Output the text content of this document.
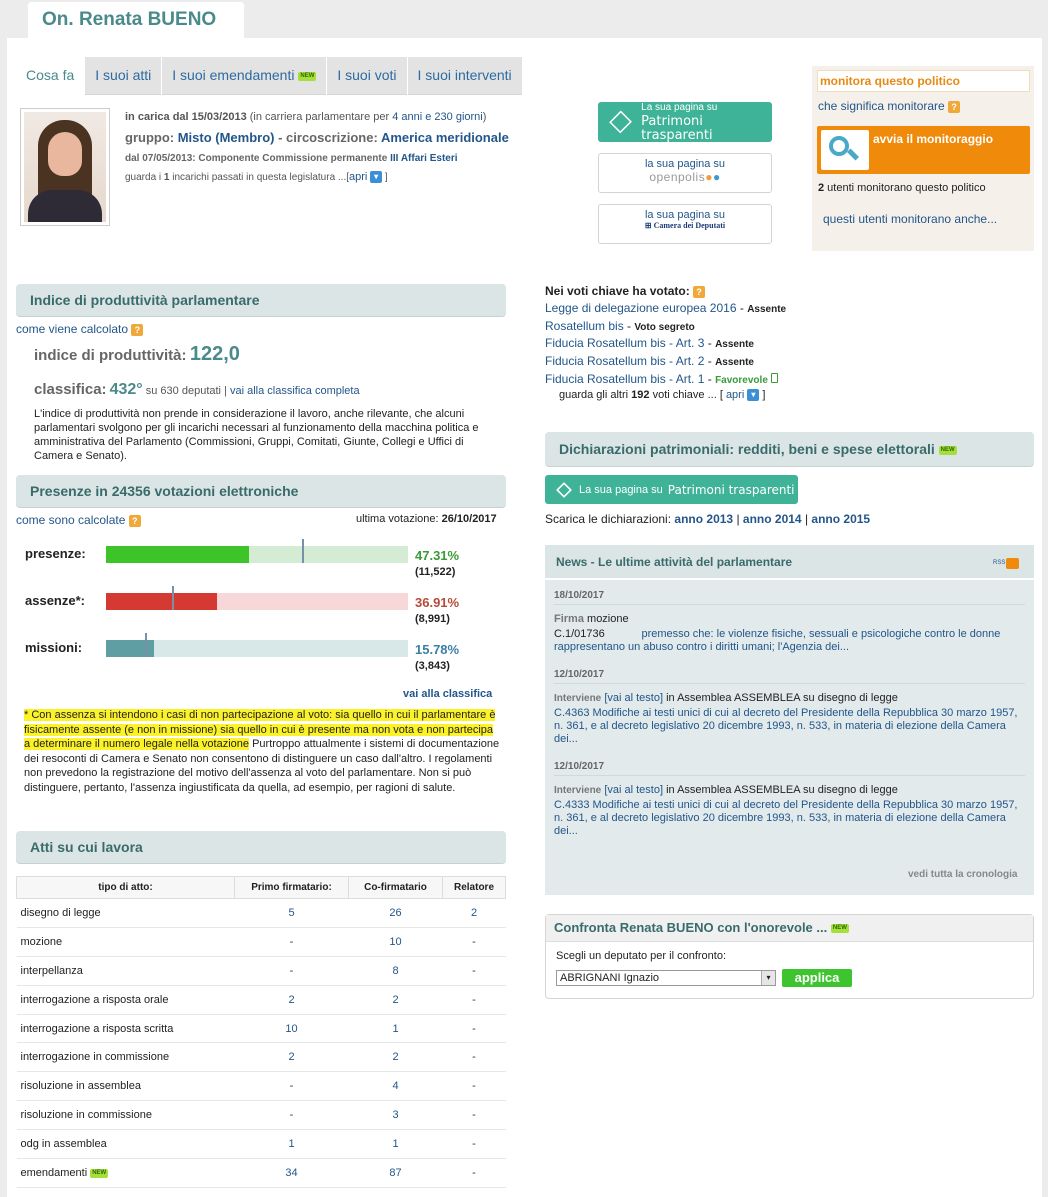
On. Renata BUENO
Cosa fa	I suoi atti	I suoi emendamenti NEW	I suoi voti	I suoi interventi
in carica dal 15/03/2013 (in carriera parlamentare per 4 anni e 230 giorni)
gruppo: Misto (Membro) - circoscrizione: America meridionale
dal 07/05/2013: Componente Commissione permanente III Affari Esteri
guarda i 1 incarichi passati in questa legislatura ...[apri ▾ ]
La sua pagina su
Patrimoni trasparenti
la sua pagina su
openpolis●●
la sua pagina su
⊞ Camera dei Deputati
monitora questo politico
che significa monitorare ?
avvia il monitoraggio
2 utenti monitorano questo politico
questi utenti monitorano anche...
Indice di produttività parlamentare
come viene calcolato ?
indice di produttività: 122,0
classifica: 432° su 630 deputati | vai alla classifica completa
L'indice di produttività non prende in considerazione il lavoro, anche rilevante, che alcuni parlamentari svolgono per gli incarichi necessari al funzionamento della macchina politica e amministrativa del Parlamento (Commissioni, Gruppi, Comitati, Giunte, Collegi e Uffici di Camera e Senato).
Presenze in 24356 votazioni elettroniche
come sono calcolate ?	ultima votazione: 26/10/2017
presenze:	47.31%
(11,522)
assenze*:	36.91%
(8,991)
missioni:	15.78%
(3,843)
vai alla classifica
* Con assenza si intendono i casi di non partecipazione al voto: sia quello in cui il parlamentare è fisicamente assente (e non in missione) sia quello in cui è presente ma non vota e non partecipa a determinare il numero legale nella votazione Purtroppo attualmente i sistemi di documentazione dei resoconti di Camera e Senato non consentono di distinguere un caso dall'altro. I regolamenti non prevedono la registrazione del motivo dell'assenza al voto del parlamentare. Non si può distinguere, pertanto, l'assenza ingiustificata da quella, ad esempio, per ragioni di salute.
Atti su cui lavora
tipo di atto:	Primo firmatario:	Co-firmatario	Relatore
disegno di legge	5	26	2
mozione	-	10	-
interpellanza	-	8	-
interrogazione a risposta orale	2	2	-
interrogazione a risposta scritta	10	1	-
interrogazione in commissione	2	2	-
risoluzione in assemblea	-	4	-
risoluzione in commissione	-	3	-
odg in assemblea	1	1	-
emendamenti NEW	34	87	-
Nei voti chiave ha votato: ?
Legge di delegazione europea 2016 - Assente
Rosatellum bis - Voto segreto
Fiducia Rosatellum bis - Art. 3 - Assente
Fiducia Rosatellum bis - Art. 2 - Assente
Fiducia Rosatellum bis - Art. 1 - Favorevole
guarda gli altri 192 voti chiave ... [ apri ▾ ]
Dichiarazioni patrimoniali: redditi, beni e spese elettorali NEW
La sua pagina su Patrimoni trasparenti
Scarica le dichiarazioni: anno 2013 | anno 2014 | anno 2015
News - Le ultime attività del parlamentare	RSS
18/10/2017
Firma mozione
C.1/01736	premesso che: le violenze fisiche, sessuali e psicologiche contro le donne rappresentano un abuso contro i diritti umani; l'Agenzia dei...
12/10/2017
Interviene [vai al testo] in Assemblea ASSEMBLEA su disegno di legge
C.4363 Modifiche ai testi unici di cui al decreto del Presidente della Repubblica 30 marzo 1957, n. 361, e al decreto legislativo 20 dicembre 1993, n. 533, in materia di elezione della Camera dei...
12/10/2017
Interviene [vai al testo] in Assemblea ASSEMBLEA su disegno di legge
C.4333 Modifiche ai testi unici di cui al decreto del Presidente della Repubblica 30 marzo 1957, n. 361, e al decreto legislativo 20 dicembre 1993, n. 533, in materia di elezione della Camera dei...
vedi tutta la cronologia
Confronta Renata BUENO con l'onorevole ... NEW
Scegli un deputato per il confronto:
ABRIGNANI Ignazio	▾	applica
